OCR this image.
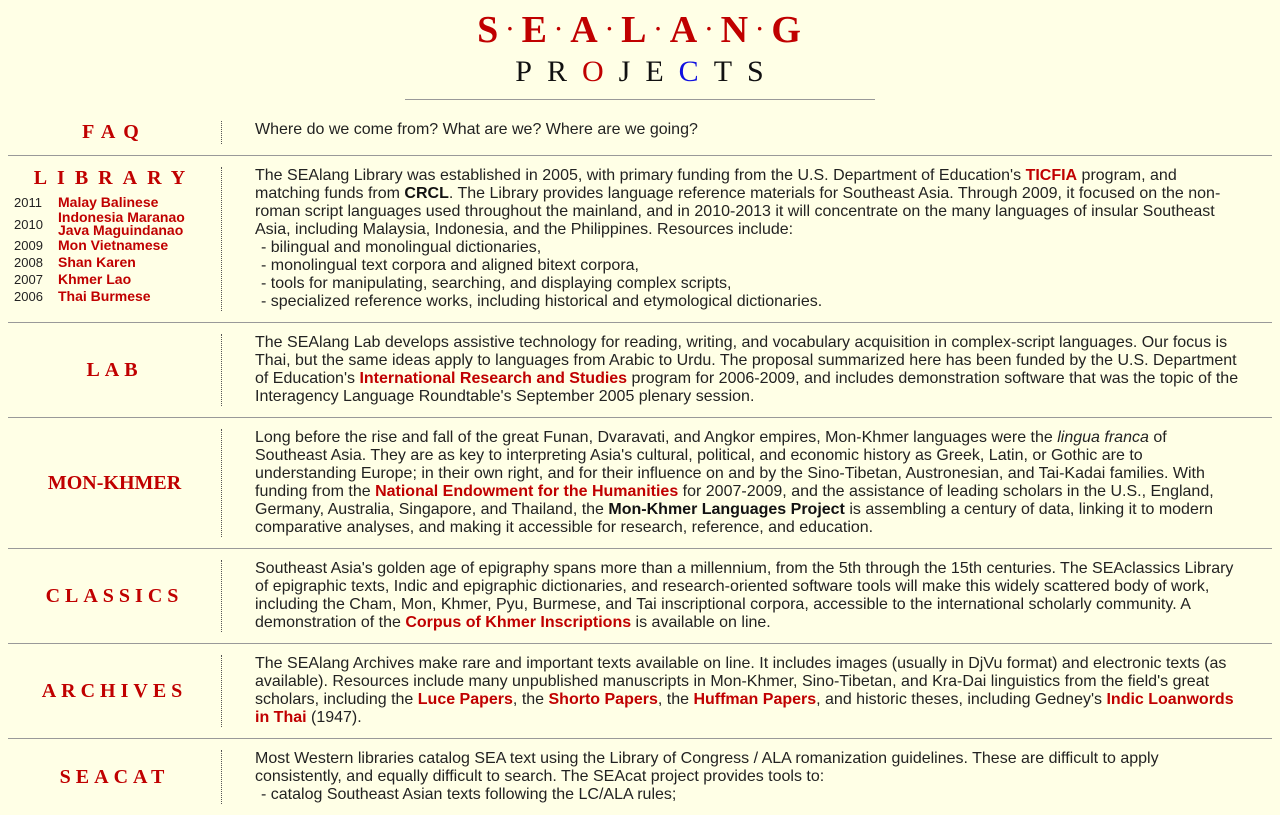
S · E · A · L · A · N · G
PROJECTS
FAQ	Where do we come from? What are we? Where are we going?
LIBRARY
2011	Malay Balinese
2010	Indonesia Maranao
Java Maguindanao
2009	Mon Vietnamese
2008	Shan Karen
2007	Khmer Lao
2006	Thai Burmese
The SEAlang Library was established in 2005, with primary funding from the U.S. Department of Education's TICFIA program, and matching funds from CRCL. The Library provides language reference materials for Southeast Asia. Through 2009, it focused on the non-roman script languages used throughout the mainland, and in 2010-2013 it will concentrate on the many languages of insular Southeast Asia, including Malaysia, Indonesia, and the Philippines. Resources include:
- bilingual and monolingual dictionaries,
- monolingual text corpora and aligned bitext corpora,
- tools for manipulating, searching, and displaying complex scripts,
- specialized reference works, including historical and etymological dictionaries.
LAB
The SEAlang Lab develops assistive technology for reading, writing, and vocabulary acquisition in complex-script languages. Our focus is Thai, but the same ideas apply to languages from Arabic to Urdu. The proposal summarized here has been funded by the U.S. Department of Education's International Research and Studies program for 2006-2009, and includes demonstration software that was the topic of the Interagency Language Roundtable's September 2005 plenary session.
MON-KHMER
Long before the rise and fall of the great Funan, Dvaravati, and Angkor empires, Mon-Khmer languages were the lingua franca of Southeast Asia. They are as key to interpreting Asia's cultural, political, and economic history as Greek, Latin, or Gothic are to understanding Europe; in their own right, and for their influence on and by the Sino-Tibetan, Austronesian, and Tai-Kadai families. With funding from the National Endowment for the Humanities for 2007-2009, and the assistance of leading scholars in the U.S., England, Germany, Australia, Singapore, and Thailand, the Mon-Khmer Languages Project is assembling a century of data, linking it to modern comparative analyses, and making it accessible for research, reference, and education.
CLASSICS
Southeast Asia's golden age of epigraphy spans more than a millennium, from the 5th through the 15th centuries. The SEAclassics Library of epigraphic texts, Indic and epigraphic dictionaries, and research-oriented software tools will make this widely scattered body of work, including the Cham, Mon, Khmer, Pyu, Burmese, and Tai inscriptional corpora, accessible to the international scholarly community. A demonstration of the Corpus of Khmer Inscriptions is available on line.
ARCHIVES
The SEAlang Archives make rare and important texts available on line. It includes images (usually in DjVu format) and electronic texts (as available). Resources include many unpublished manuscripts in Mon-Khmer, Sino-Tibetan, and Kra-Dai linguistics from the field's great scholars, including the Luce Papers, the Shorto Papers, the Huffman Papers, and historic theses, including Gedney's Indic Loanwords in Thai (1947).
SEACAT
Most Western libraries catalog SEA text using the Library of Congress / ALA romanization guidelines. These are difficult to apply consistently, and equally difficult to search. The SEAcat project provides tools to:
- catalog Southeast Asian texts following the LC/ALA rules;
